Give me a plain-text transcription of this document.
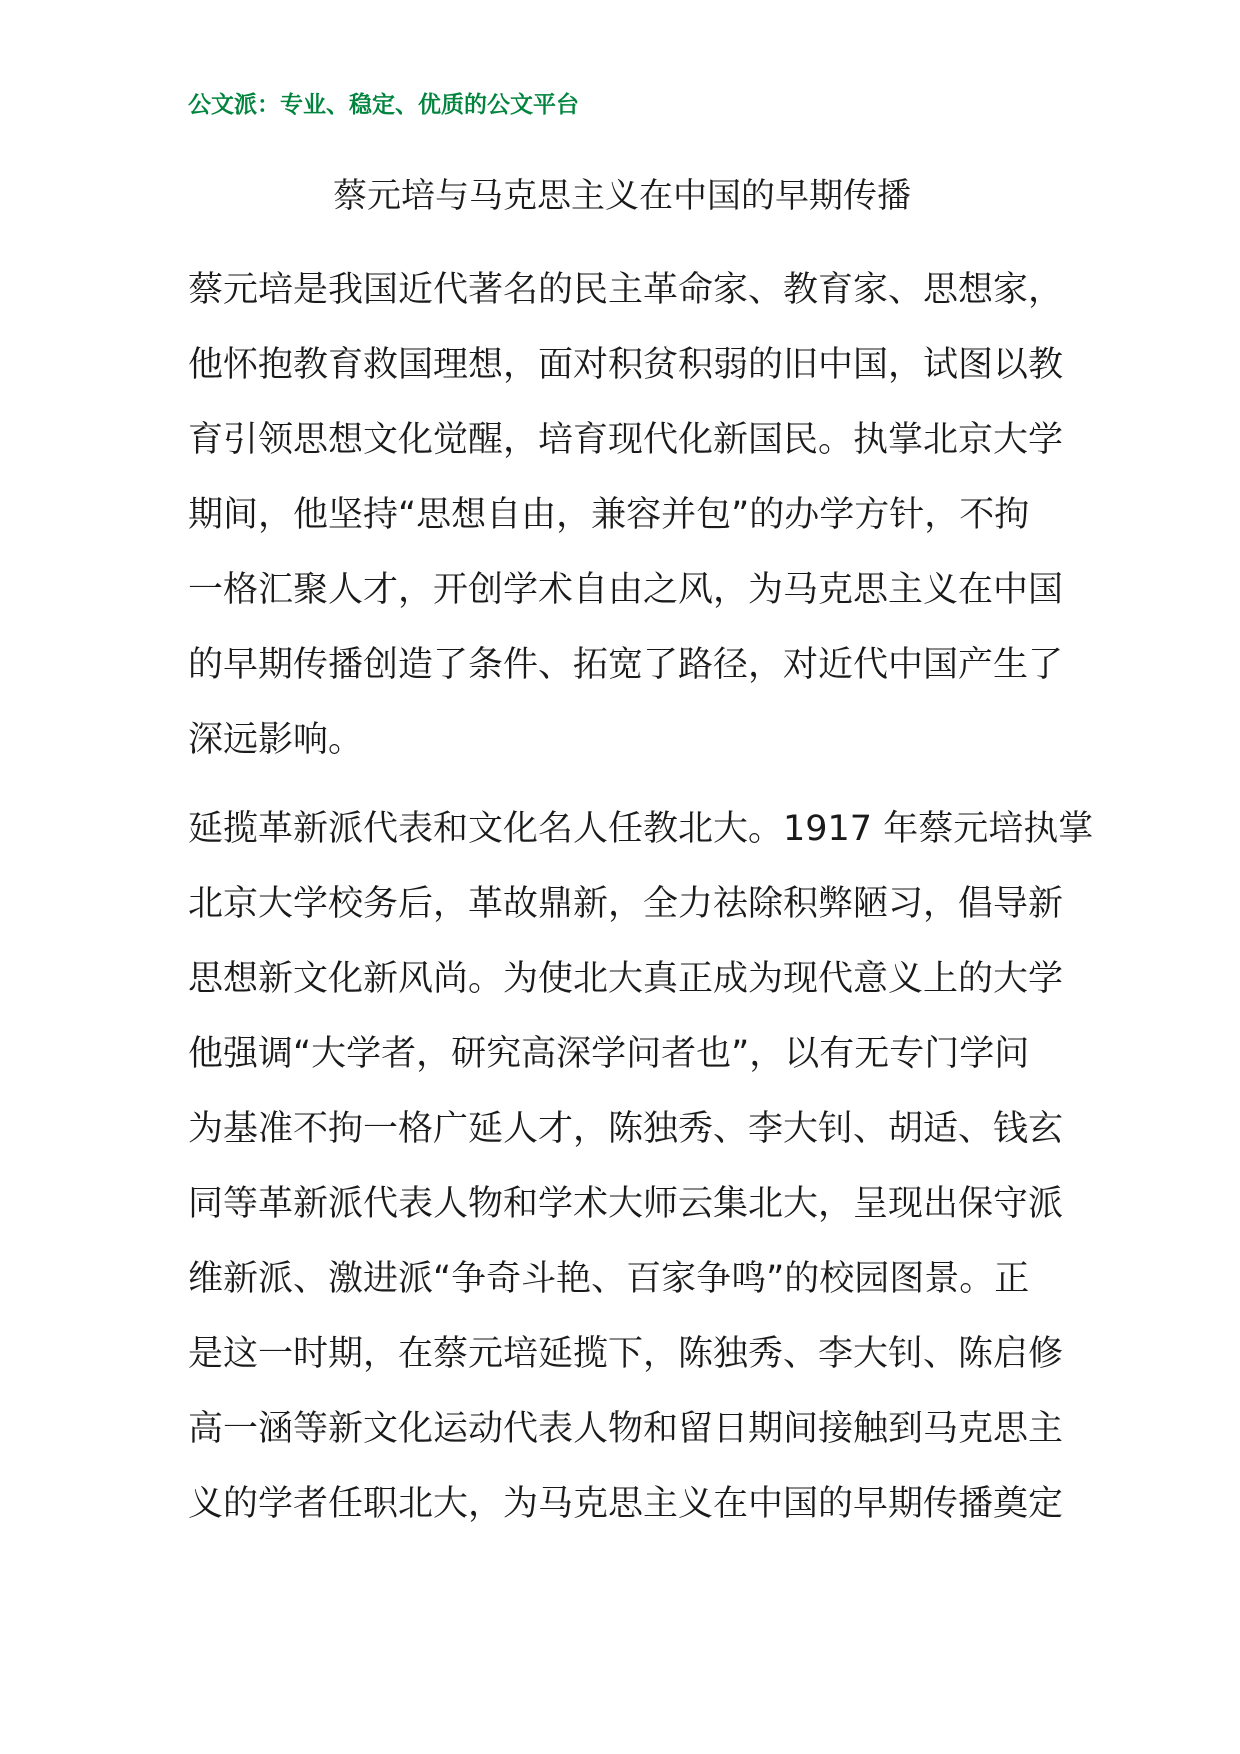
公文派：专业、稳定、优质的公文平台
蔡元培与马克思主义在中国的早期传播
蔡元培是我国近代著名的民主革命家、教育家、思想家，
他怀抱教育救国理想，面对积贫积弱的旧中国，试图以教
育引领思想文化觉醒，培育现代化新国民。执掌北京大学
期间，他坚持“思想自由，兼容并包”的办学方针，不拘
一格汇聚人才，开创学术自由之风，为马克思主义在中国
的早期传播创造了条件、拓宽了路径，对近代中国产生了
深远影响。
延揽革新派代表和文化名人任教北大。1917 年蔡元培执掌
北京大学校务后，革故鼎新，全力祛除积弊陋习，倡导新
思想新文化新风尚。为使北大真正成为现代意义上的大学
他强调“大学者，研究高深学问者也”，以有无专门学问
为基准不拘一格广延人才，陈独秀、李大钊、胡适、钱玄
同等革新派代表人物和学术大师云集北大，呈现出保守派
维新派、激进派“争奇斗艳、百家争鸣”的校园图景。正
是这一时期，在蔡元培延揽下，陈独秀、李大钊、陈启修
高一涵等新文化运动代表人物和留日期间接触到马克思主
义的学者任职北大，为马克思主义在中国的早期传播奠定
